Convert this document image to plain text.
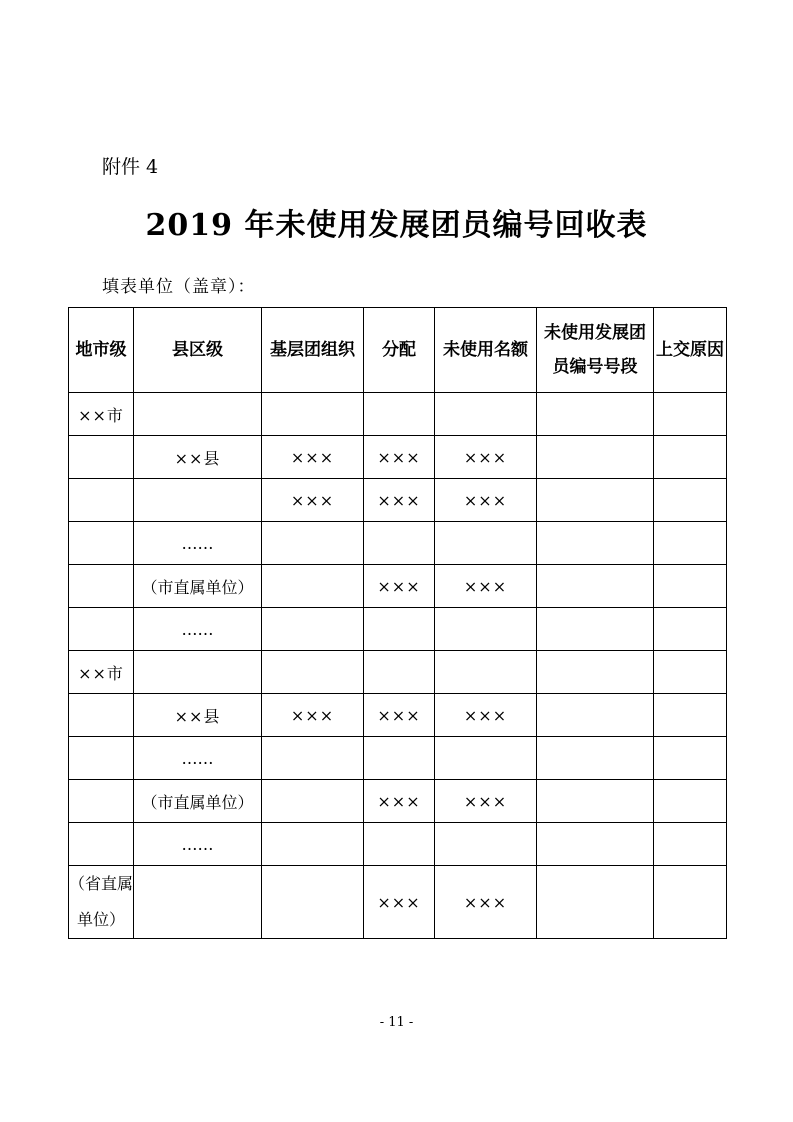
附件 4
2019 年未使用发展团员编号回收表
填表单位（盖章）：
地市级	县区级	基层团组织	分配	未使用名额	未使用发展团员编号号段	上交原因
××市						
	××县	×××	×××	×××		
		×××	×××	×××		
	……					
	（市直属单位）		×××	×××		
	……					
××市						
	××县	×××	×××	×××		
	……					
	（市直属单位）		×××	×××		
	……					
（省直属单位）			×××	×××		
- 11 -
